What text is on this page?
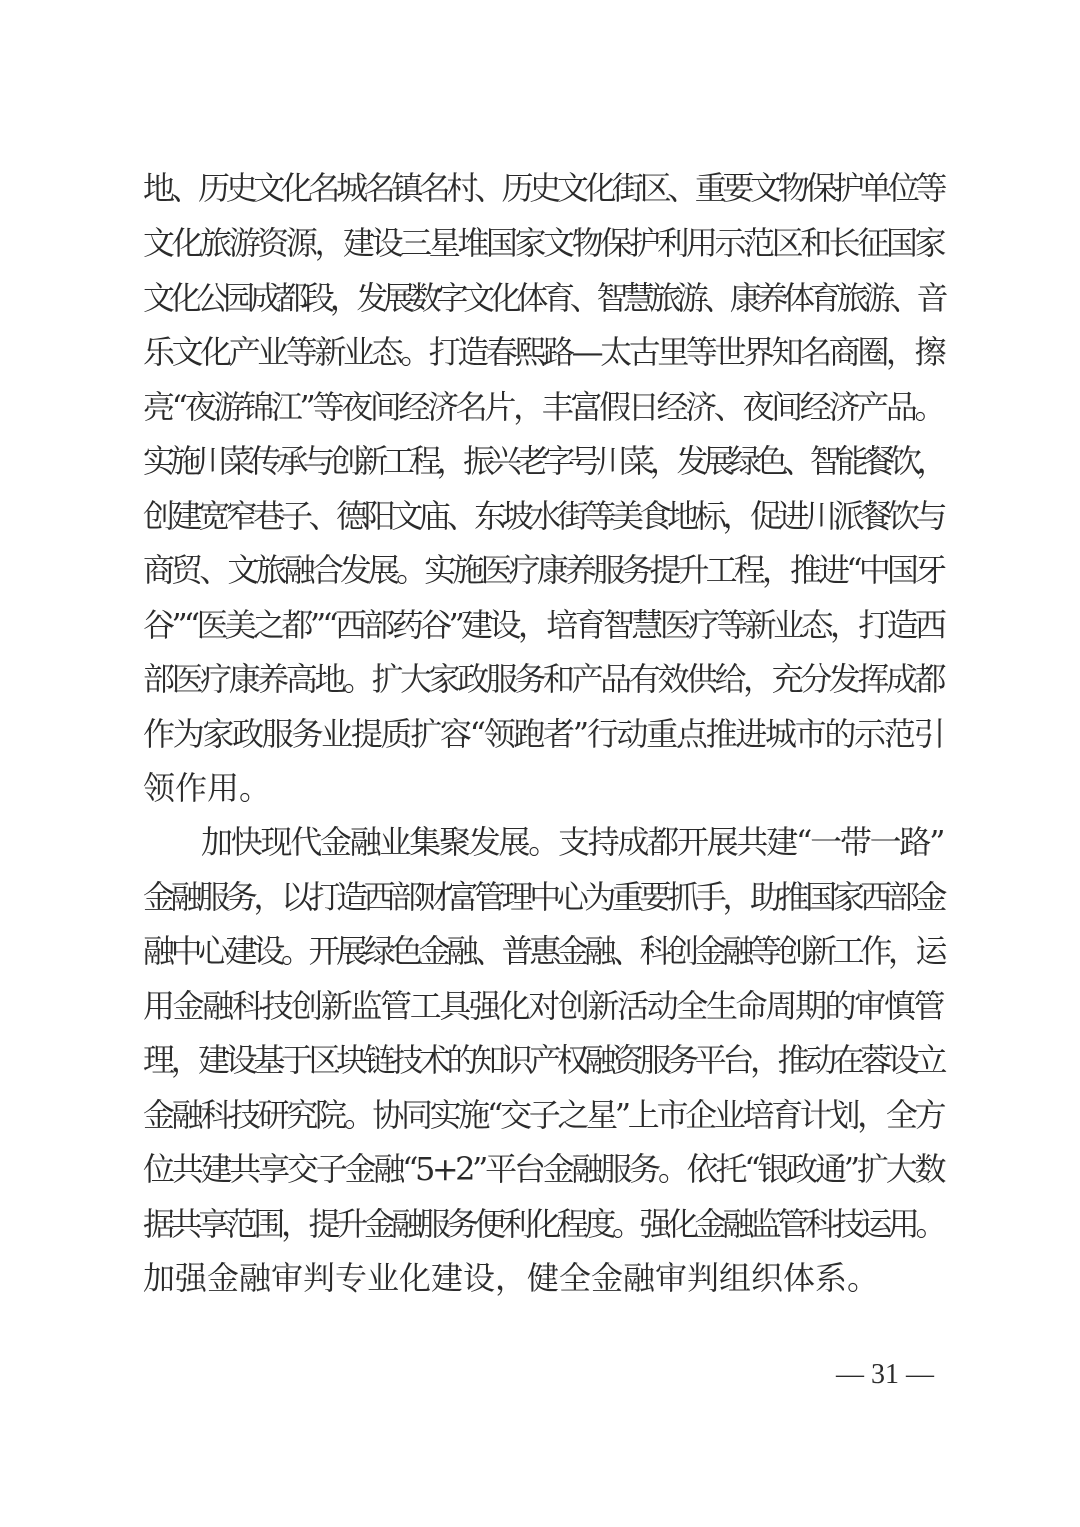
地、历史文化名城名镇名村、历史文化街区、重要文物保护单位等
文化旅游资源，建设三星堆国家文物保护利用示范区和长征国家
文化公园成都段，发展数字文化体育、智慧旅游、康养体育旅游、音
乐文化产业等新业态。打造春熙路—太古里等世界知名商圈，擦
亮“夜游锦江”等夜间经济名片，丰富假日经济、夜间经济产品。
实施川菜传承与创新工程，振兴老字号川菜，发展绿色、智能餐饮，
创建宽窄巷子、德阳文庙、东坡水街等美食地标，促进川派餐饮与
商贸、文旅融合发展。实施医疗康养服务提升工程，推进“中国牙
谷”“医美之都”“西部药谷”建设，培育智慧医疗等新业态，打造西
部医疗康养高地。扩大家政服务和产品有效供给，充分发挥成都
作为家政服务业提质扩容“领跑者”行动重点推进城市的示范引
领作用。
加快现代金融业集聚发展。支持成都开展共建“一带一路”
金融服务，以打造西部财富管理中心为重要抓手，助推国家西部金
融中心建设。开展绿色金融、普惠金融、科创金融等创新工作，运
用金融科技创新监管工具强化对创新活动全生命周期的审慎管
理，建设基于区块链技术的知识产权融资服务平台，推动在蓉设立
金融科技研究院。协同实施“交子之星”上市企业培育计划，全方
位共建共享交子金融“5+2”平台金融服务。依托“银政通”扩大数
据共享范围，提升金融服务便利化程度。强化金融监管科技运用。
加强金融审判专业化建设，健全金融审判组织体系。
— 31 —
